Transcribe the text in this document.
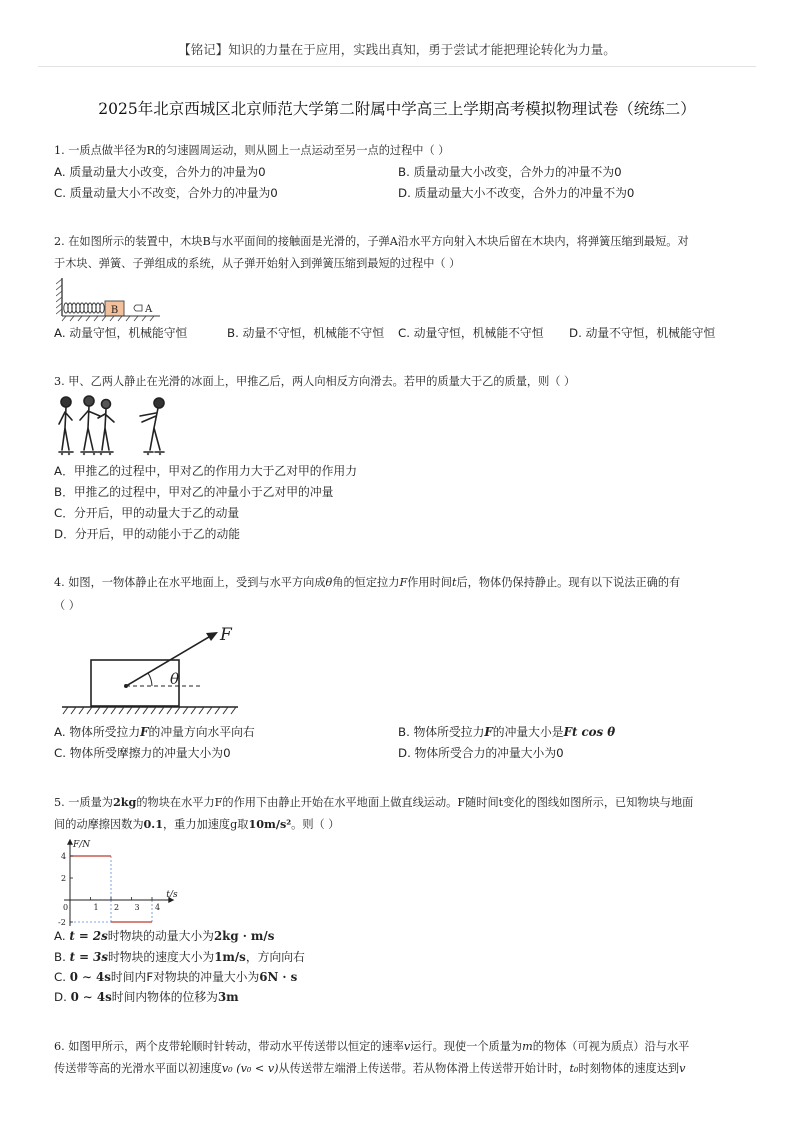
【铭记】知识的力量在于应用，实践出真知，勇于尝试才能把理论转化为力量。
2025年北京西城区北京师范大学第二附属中学高三上学期高考模拟物理试卷（统练二）
1. 一质点做半径为R的匀速圆周运动，则从圆上一点运动至另一点的过程中（ ）
A. 质量动量大小改变，合外力的冲量为0	B. 质量动量大小改变，合外力的冲量不为0
C. 质量动量大小不改变，合外力的冲量为0	D. 质量动量大小不改变，合外力的冲量不为0
2. 在如图所示的装置中，木块B与水平面间的接触面是光滑的，子弹A沿水平方向射入木块后留在木块内，将弹簧压缩到最短。对
于木块、弹簧、子弹组成的系统，从子弹开始射入到弹簧压缩到最短的过程中（ ）
B	A
A. 动量守恒，机械能守恒	B. 动量不守恒，机械能不守恒 C. 动量守恒，机械能不守恒 D. 动量不守恒，机械能守恒
3. 甲、乙两人静止在光滑的冰面上，甲推乙后，两人向相反方向滑去。若甲的质量大于乙的质量，则（ ）
A．甲推乙的过程中，甲对乙的作用力大于乙对甲的作用力
B．甲推乙的过程中，甲对乙的冲量小于乙对甲的冲量
C．分开后，甲的动量大于乙的动量
D．分开后，甲的动能小于乙的动能
4. 如图，一物体静止在水平地面上，受到与水平方向成θ角的恒定拉力F作用时间t后，物体仍保持静止。现有以下说法正确的有
（ ）
F
θ
A. 物体所受拉力F的冲量方向水平向右	B. 物体所受拉力F的冲量大小是Ft cos θ
C. 物体所受摩擦力的冲量大小为0	D. 物体所受合力的冲量大小为0
5. 一质量为2kg的物块在水平力F的作用下由静止开始在水平地面上做直线运动。F随时间t变化的图线如图所示，已知物块与地面
间的动摩擦因数为0.1，重力加速度g取10m/s²。则（ ）
0	1 2 3 4
4
2
-2
F/N
t/s
A. t = 2s时物块的动量大小为2kg · m/s
B. t = 3s时物块的速度大小为1m/s，方向向右
C. 0 ∼ 4s时间内F对物块的冲量大小为6N · s
D. 0 ∼ 4s时间内物体的位移为3m
6. 如图甲所示，两个皮带轮顺时针转动，带动水平传送带以恒定的速率v运行。现使一个质量为m的物体（可视为质点）沿与水平
传送带等高的光滑水平面以初速度v₀ (v₀ < v)从传送带左端滑上传送带。若从物体滑上传送带开始计时，t₀时刻物体的速度达到v
